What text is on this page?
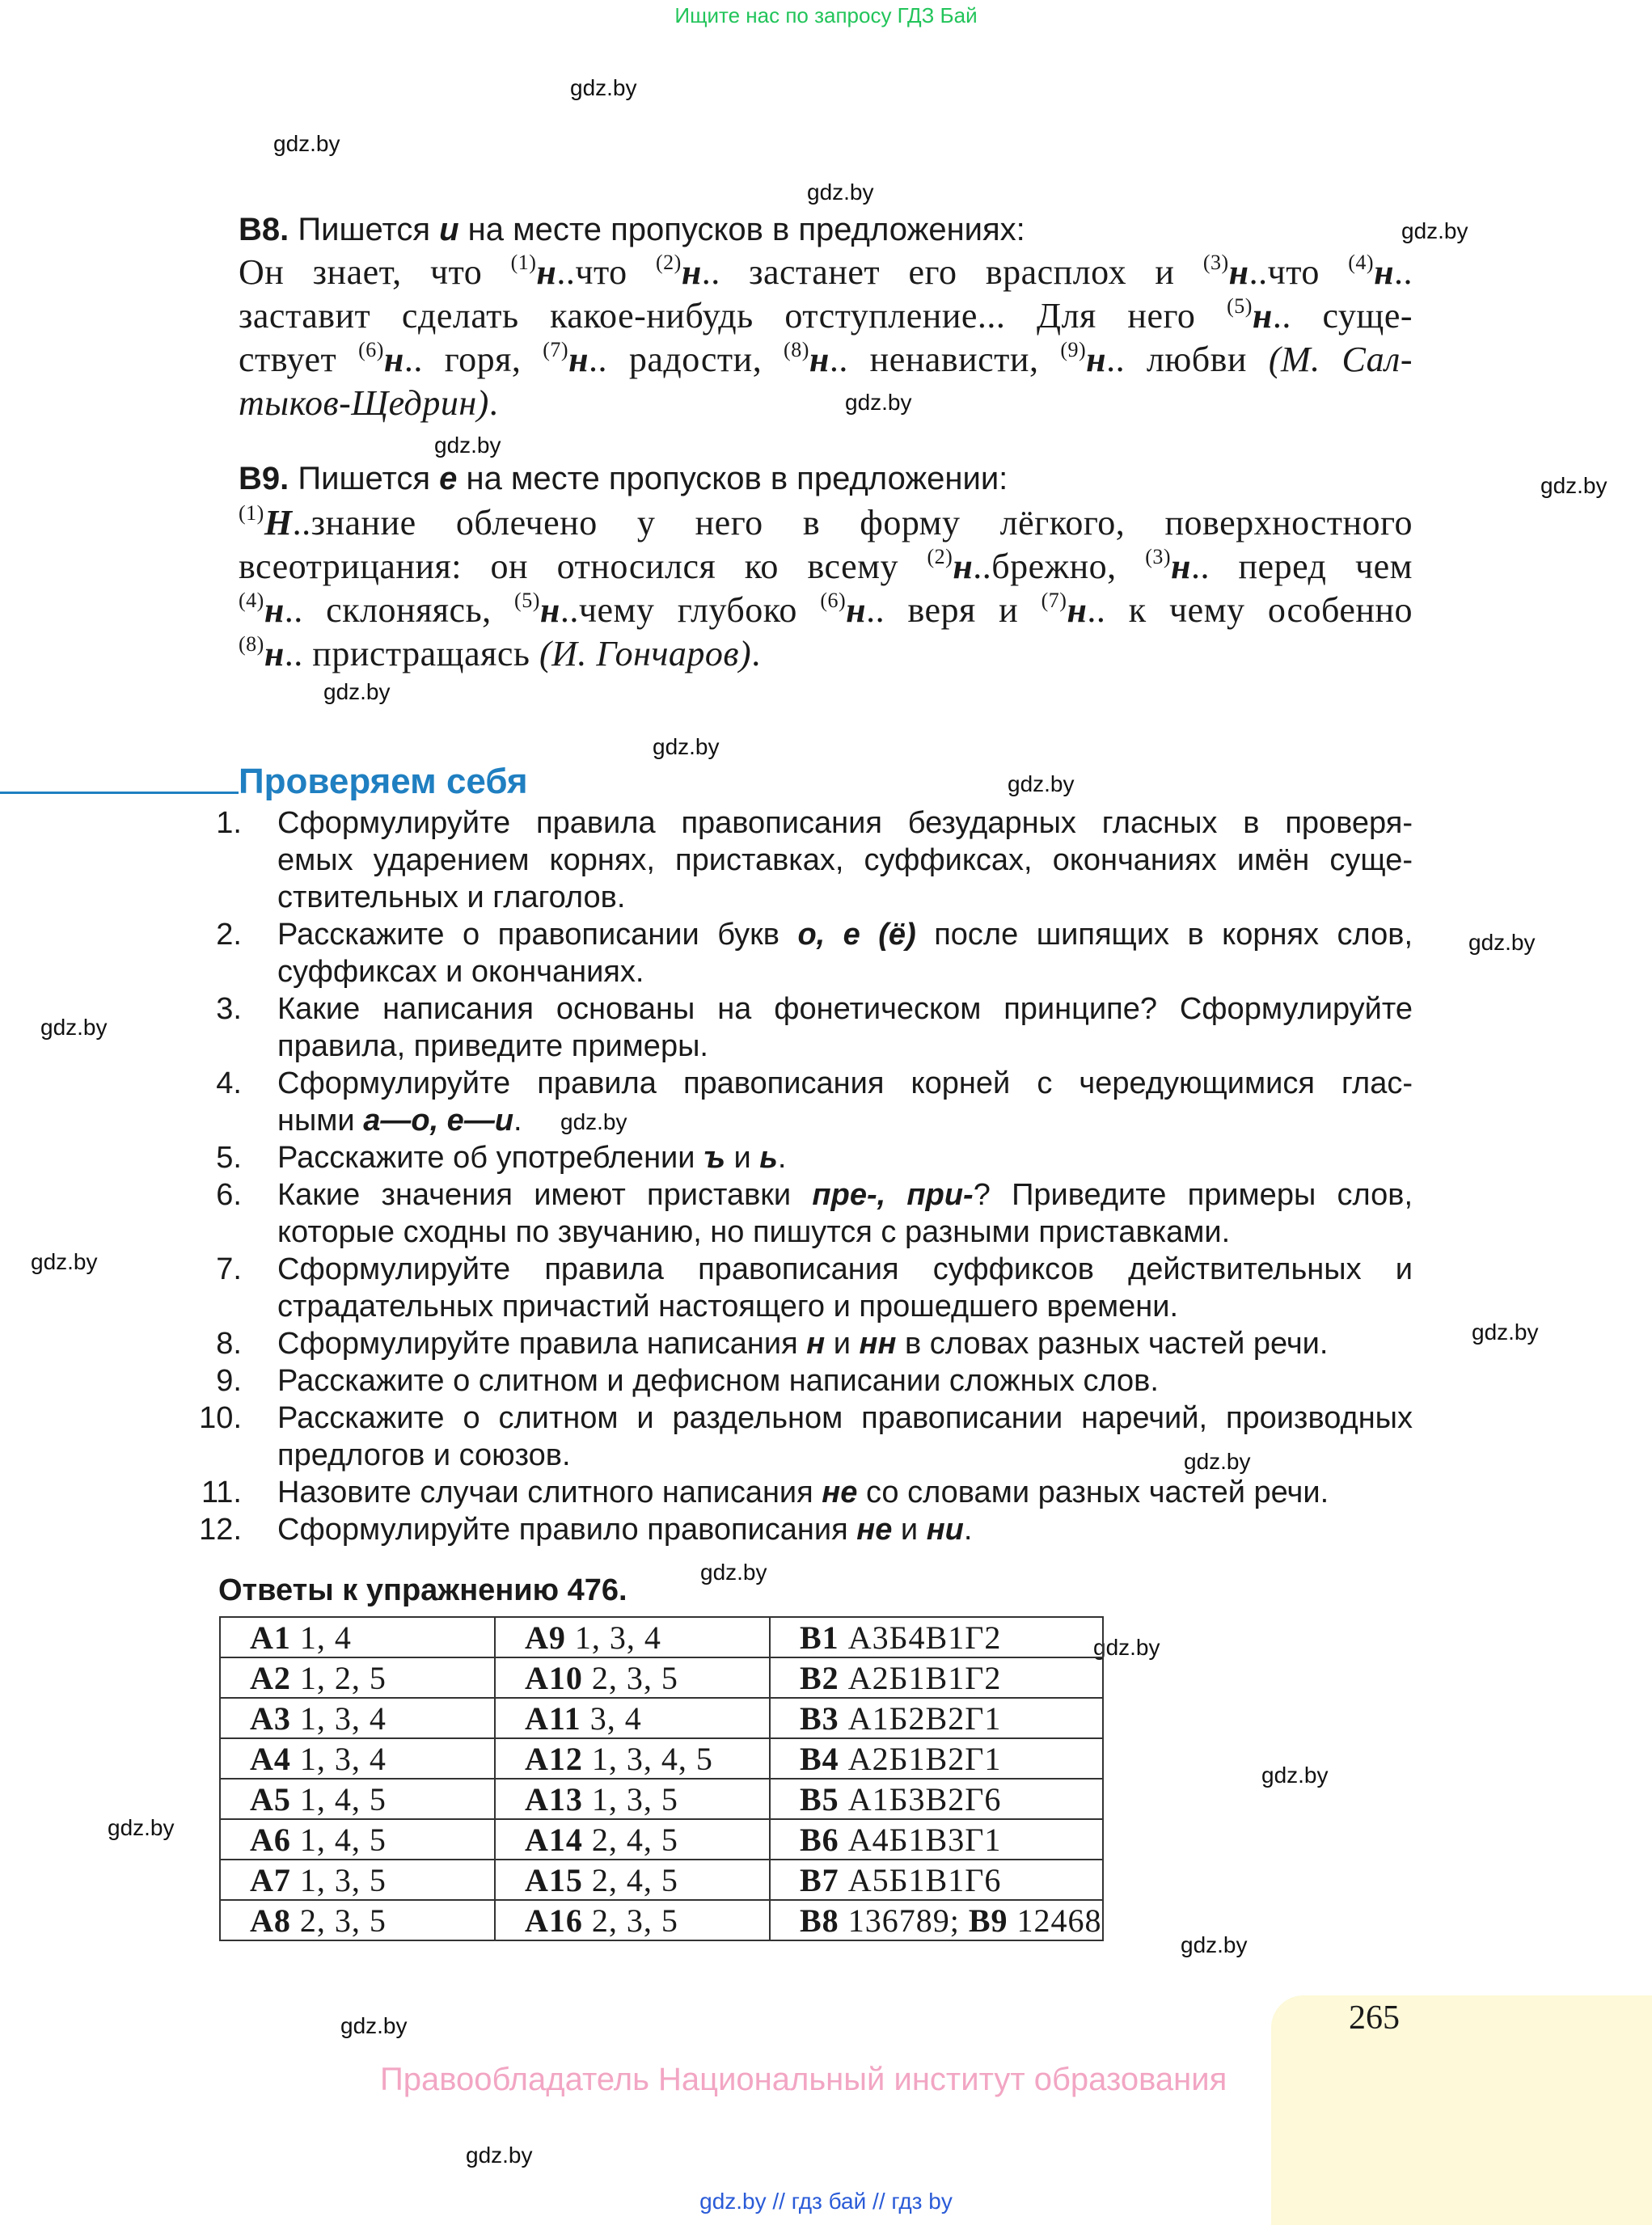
Ищите нас по запросу ГДЗ Бай
gdz.by
gdz.by
gdz.by
gdz.by
gdz.by
gdz.by
gdz.by
gdz.by
gdz.by
gdz.by
gdz.by
gdz.by
gdz.by
gdz.by
gdz.by
gdz.by
gdz.by
gdz.by
gdz.by
gdz.by
gdz.by
gdz.by
gdz.by
В8. Пишется и на месте пропусков в предложениях:
Он знает, что $^{(1)}$н..что $^{(2)}$н.. застанет его врасплох и $^{(3)}$н..что $^{(4)}$н..
заставит сделать какое-нибудь отступление... Для него $^{(5)}$н.. суще-
ствует $^{(6)}$н.. горя, $^{(7)}$н.. радости, $^{(8)}$н.. ненависти, $^{(9)}$н.. любви (М. Сал-
тыков-Щедрин).
В9. Пишется е на месте пропусков в предложении:
$^{(1)}$Н..знание облечено у него в форму лёгкого, поверхностного
всеотрицания: он относился ко всему $^{(2)}$н..брежно, $^{(3)}$н.. перед чем
$^{(4)}$н.. склоняясь, $^{(5)}$н..чему глубоко $^{(6)}$н.. веря и $^{(7)}$н.. к чему особенно
$^{(8)}$н.. пристращаясь (И. Гончаров).
Проверяем себя
1. Сформулируйте правила правописания безударных гласных в проверя-
емых ударением корнях, приставках, суффиксах, окончаниях имён суще-
ствительных и глаголов.
2. Расскажите о правописании букв о, е (ё) после шипящих в корнях слов,
суффиксах и окончаниях.
3. Какие написания основаны на фонетическом принципе? Сформулируйте
правила, приведите примеры.
4. Сформулируйте правила правописания корней с чередующимися глас-
ными а—о, е—и.
5. Расскажите об употреблении ъ и ь.
6. Какие значения имеют приставки пре-, при-? Приведите примеры слов,
которые сходны по звучанию, но пишутся с разными приставками.
7. Сформулируйте правила правописания суффиксов действительных и
страдательных причастий настоящего и прошедшего времени.
8. Сформулируйте правила написания н и нн в словах разных частей речи.
9. Расскажите о слитном и дефисном написании сложных слов.
10. Расскажите о слитном и раздельном правописании наречий, производных
предлогов и союзов.
11. Назовите случаи слитного написания не со словами разных частей речи.
12. Сформулируйте правило правописания не и ни.
Ответы к упражнению 476.
А1 1, 4	А9 1, 3, 4	В1 А3Б4В1Г2
А2 1, 2, 5	А10 2, 3, 5	В2 А2Б1В1Г2
А3 1, 3, 4	А11 3, 4	В3 А1Б2В2Г1
А4 1, 3, 4	А12 1, 3, 4, 5	В4 А2Б1В2Г1
А5 1, 4, 5	А13 1, 3, 5	В5 А1Б3В2Г6
А6 1, 4, 5	А14 2, 4, 5	В6 А4Б1В3Г1
А7 1, 3, 5	А15 2, 4, 5	В7 А5Б1В1Г6
А8 2, 3, 5	А16 2, 3, 5	В8 136789; В9 12468
265
Правообладатель Национальный институт образования
gdz.by // гдз бай // гдз by
